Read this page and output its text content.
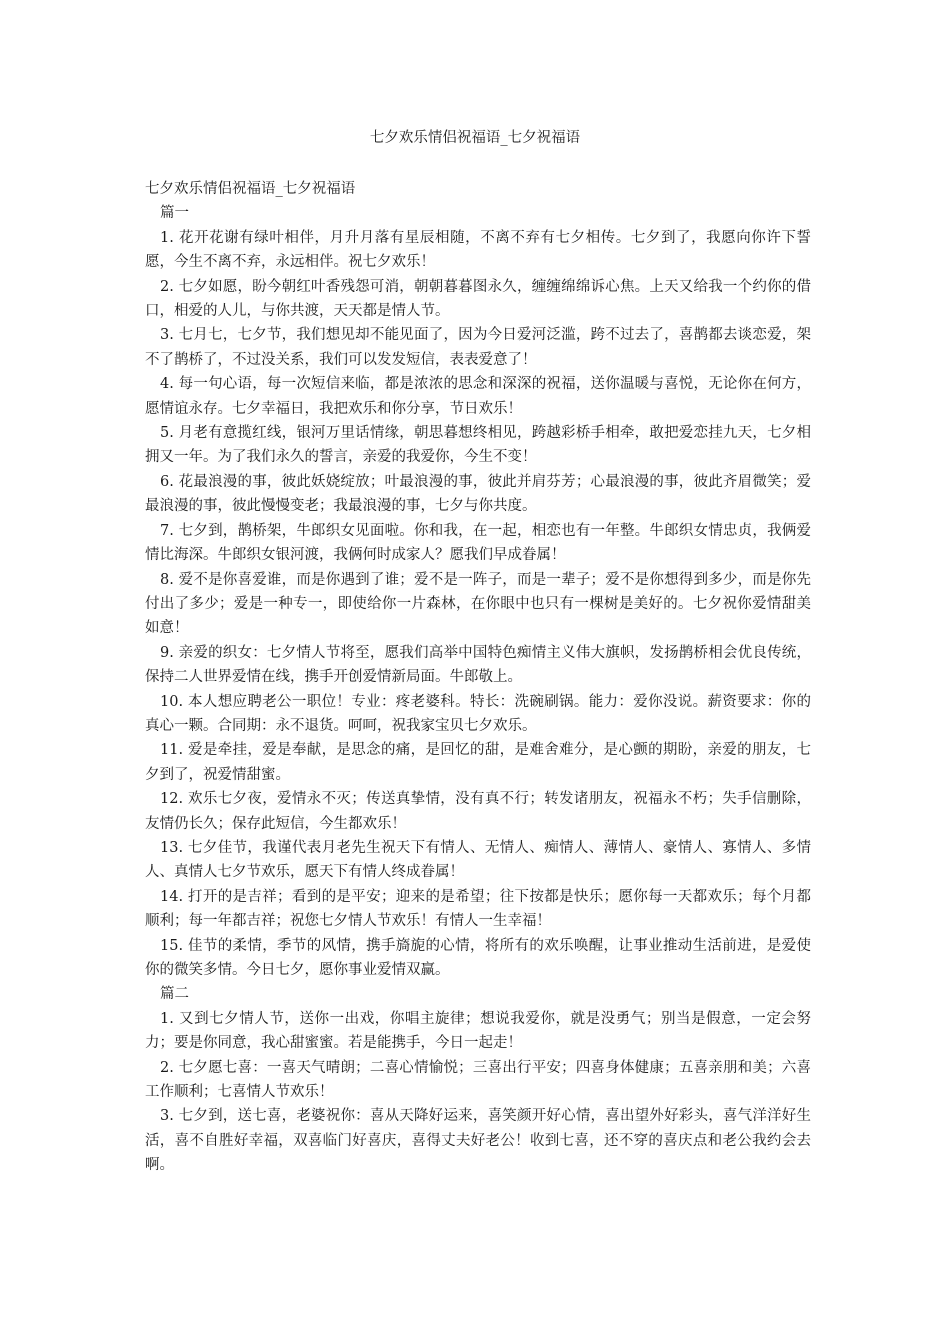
七夕欢乐情侣祝福语_七夕祝福语

七夕欢乐情侣祝福语_七夕祝福语

篇一

1. 花开花谢有绿叶相伴，月升月落有星辰相随，不离不弃有七夕相传。七夕到了，我愿向你许下誓愿，今生不离不弃，永远相伴。祝七夕欢乐！

2. 七夕如愿，盼今朝红叶香残怨可消，朝朝暮暮图永久，缠缠绵绵诉心焦。上天又给我一个约你的借口，相爱的人儿，与你共渡，天天都是情人节。

3. 七月七，七夕节，我们想见却不能见面了，因为今日爱河泛滥，跨不过去了，喜鹊都去谈恋爱，架不了鹊桥了，不过没关系，我们可以发发短信，表表爱意了！

4. 每一句心语，每一次短信来临，都是浓浓的思念和深深的祝福，送你温暖与喜悦，无论你在何方，愿情谊永存。七夕幸福日，我把欢乐和你分享，节日欢乐！

5. 月老有意揽红线，银河万里话情缘，朝思暮想终相见，跨越彩桥手相牵，敢把爱恋挂九天，七夕相拥又一年。为了我们永久的誓言，亲爱的我爱你，今生不变！

6. 花最浪漫的事，彼此妖娆绽放；叶最浪漫的事，彼此并肩芬芳；心最浪漫的事，彼此齐眉微笑；爱最浪漫的事，彼此慢慢变老；我最浪漫的事，七夕与你共度。

7. 七夕到，鹊桥架，牛郎织女见面啦。你和我，在一起，相恋也有一年整。牛郎织女情忠贞，我俩爱情比海深。牛郎织女银河渡，我俩何时成家人？愿我们早成眷属！

8. 爱不是你喜爱谁，而是你遇到了谁；爱不是一阵子，而是一辈子；爱不是你想得到多少，而是你先付出了多少；爱是一种专一，即使给你一片森林，在你眼中也只有一棵树是美好的。七夕祝你爱情甜美如意！

9. 亲爱的织女：七夕情人节将至，愿我们高举中国特色痴情主义伟大旗帜，发扬鹊桥相会优良传统，保持二人世界爱情在线，携手开创爱情新局面。牛郎敬上。

10. 本人想应聘老公一职位！专业：疼老婆科。特长：洗碗刷锅。能力：爱你没说。薪资要求：你的真心一颗。合同期：永不退货。呵呵，祝我家宝贝七夕欢乐。

11. 爱是牵挂，爱是奉献，是思念的痛，是回忆的甜，是难舍难分，是心颤的期盼，亲爱的朋友，七夕到了，祝爱情甜蜜。

12. 欢乐七夕夜，爱情永不灭；传送真挚情，没有真不行；转发诸朋友，祝福永不朽；失手信删除，友情仍长久；保存此短信，今生都欢乐！

13. 七夕佳节，我谨代表月老先生祝天下有情人、无情人、痴情人、薄情人、豪情人、寡情人、多情人、真情人七夕节欢乐，愿天下有情人终成眷属！

14. 打开的是吉祥；看到的是平安；迎来的是希望；往下按都是快乐；愿你每一天都欢乐；每个月都顺利；每一年都吉祥；祝您七夕情人节欢乐！有情人一生幸福！

15. 佳节的柔情，季节的风情，携手旖旎的心情，将所有的欢乐唤醒，让事业推动生活前进，是爱使你的微笑多情。今日七夕，愿你事业爱情双赢。

篇二

1. 又到七夕情人节，送你一出戏，你唱主旋律；想说我爱你，就是没勇气；别当是假意，一定会努力；要是你同意，我心甜蜜蜜。若是能携手，今日一起走！

2. 七夕愿七喜：一喜天气晴朗；二喜心情愉悦；三喜出行平安；四喜身体健康；五喜亲朋和美；六喜工作顺利；七喜情人节欢乐！

3. 七夕到，送七喜，老婆祝你：喜从天降好运来，喜笑颜开好心情，喜出望外好彩头，喜气洋洋好生活，喜不自胜好幸福，双喜临门好喜庆，喜得丈夫好老公！收到七喜，还不穿的喜庆点和老公我约会去啊。
